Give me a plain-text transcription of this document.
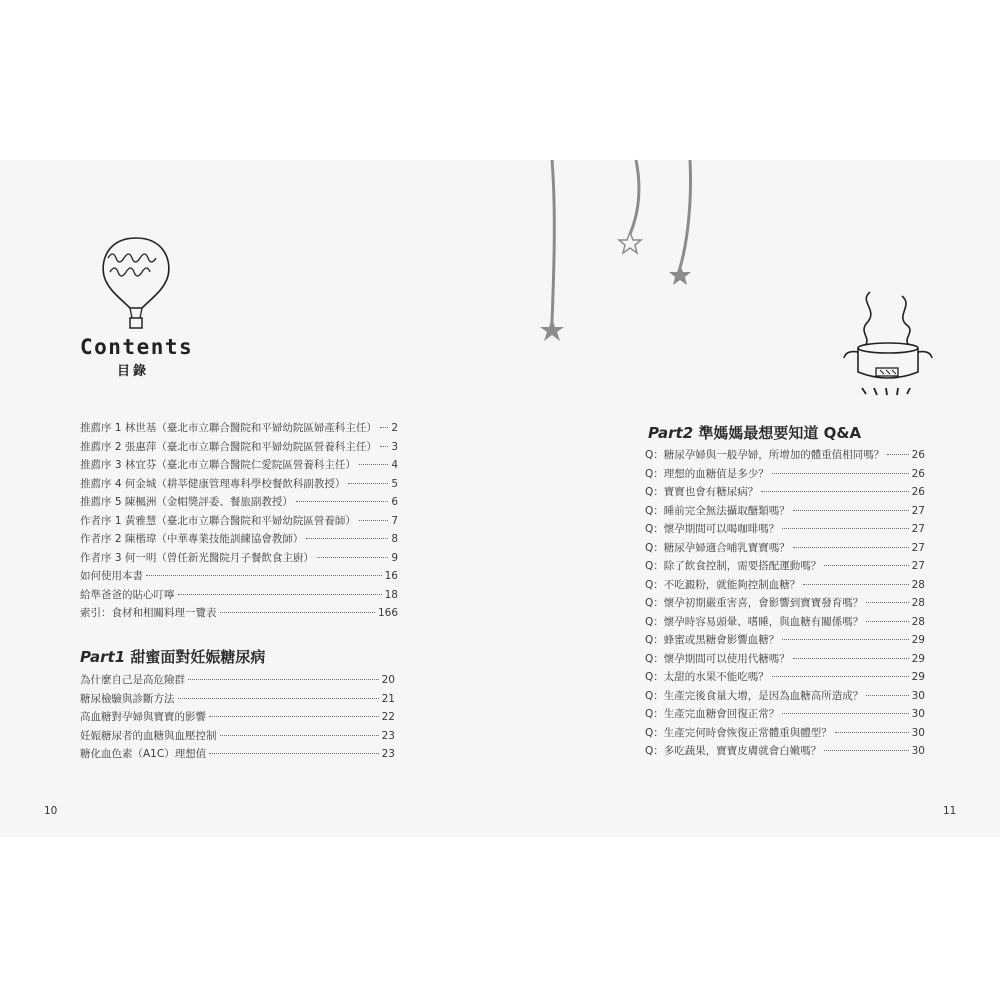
Contents
目錄
推薦序 1 林世基（臺北市立聯合醫院和平婦幼院區婦產科主任） 2
推薦序 2 張惠萍（臺北市立聯合醫院和平婦幼院區營養科主任） 3
推薦序 3 林宜芬（臺北市立聯合醫院仁愛院區營養科主任）	4
推薦序 4 何金城（耕莘健康管理專科學校餐飲科副教授）	5
推薦序 5 陳楓洲（金帽獎評委、餐旅副教授）	6
作者序 1 黃雅慧（臺北市立聯合醫院和平婦幼院區營養師）	7
作者序 2 陳楷瑋（中華專業技能訓練協會教師）	8
作者序 3 何一明（曾任新光醫院月子餐飲食主廚）	9
如何使用本書	16
給準爸爸的貼心叮嚀	18
索引：食材和相關料理一覽表	166
Part1 甜蜜面對妊娠糖尿病
為什麼自己是高危險群	20
糖尿檢驗與診斷方法	21
高血糖對孕婦與寶寶的影響	22
妊娠糖尿者的血糖與血壓控制	23
糖化血色素（A1C）理想值	23
10
Part2 準媽媽最想要知道 Q&A
Q：糖尿孕婦與一般孕婦，所增加的體重值相同嗎？	26
Q：理想的血糖值是多少？	26
Q：寶寶也會有糖尿病？	26
Q：睡前完全無法攝取醣類嗎？	27
Q：懷孕期間可以喝咖啡嗎？	27
Q：糖尿孕婦適合哺乳寶寶嗎？	27
Q：除了飲食控制，需要搭配運動嗎？	27
Q：不吃澱粉，就能夠控制血糖？	28
Q：懷孕初期嚴重害喜，會影響到寶寶發育嗎？	28
Q：懷孕時容易頭暈、嗜睡，與血糖有關係嗎？	28
Q：蜂蜜或黑糖會影響血糖？	29
Q：懷孕期間可以使用代糖嗎？	29
Q：太甜的水果不能吃嗎？	29
Q：生產完後食量大增，是因為血糖高所造成？	30
Q：生產完血糖會回復正常？	30
Q：生產完何時會恢復正常體重與體型？	30
Q：多吃蔬果，寶寶皮膚就會白嫩嗎？	30
11
